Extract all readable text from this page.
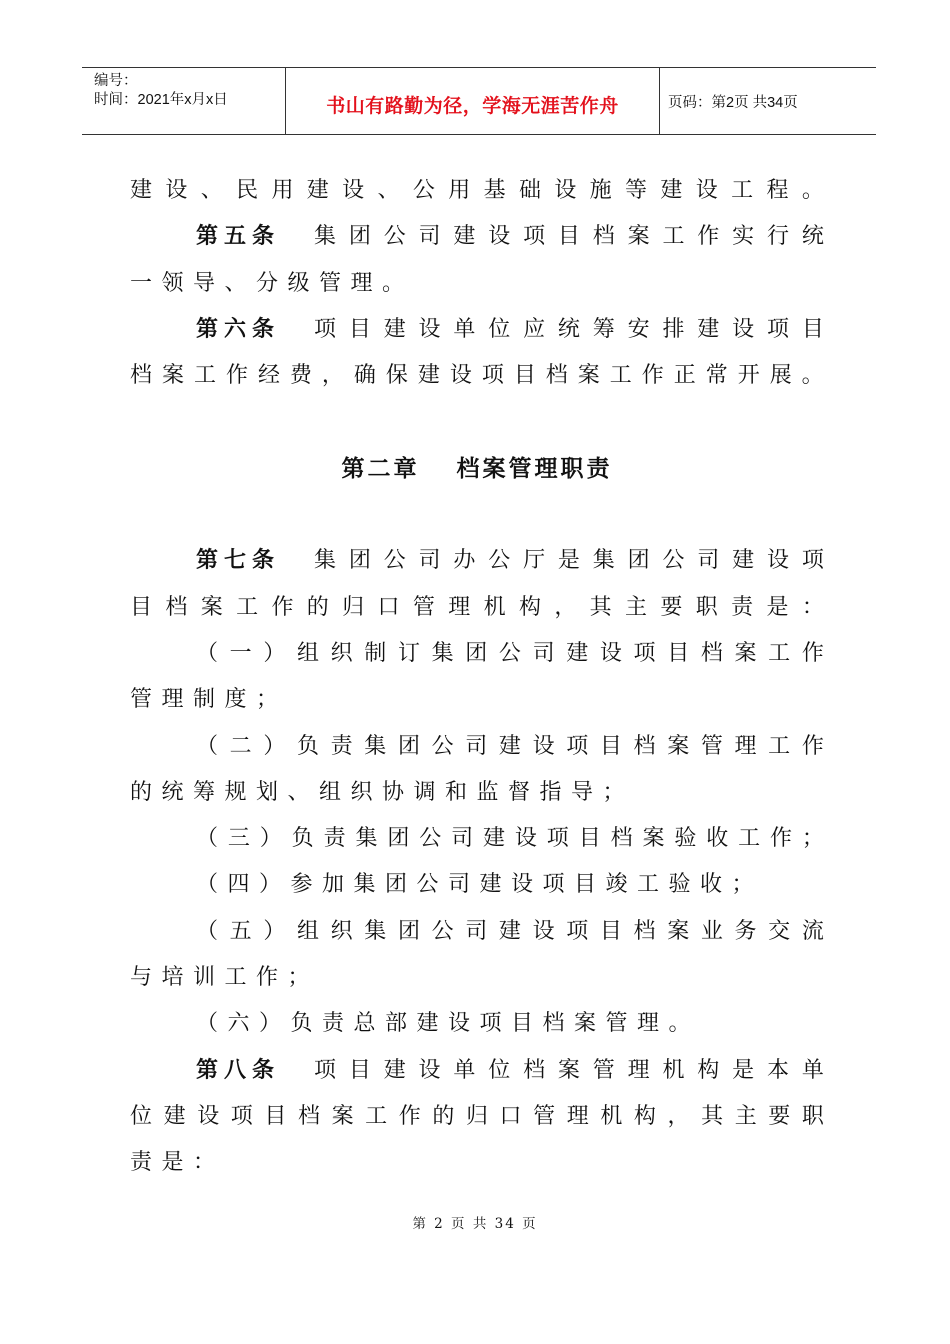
编号：
时间：2021年x月x日	书山有路勤为径，学海无涯苦作舟	页码：第2页 共34页
建 设 、 民 用 建 设 、 公 用 基 础 设 施 等 建 设 工 程 。
第五条 集 团 公 司 建 设 项 目 档 案 工 作 实 行 统
一领导、分级管理。
第六条 项 目 建 设 单 位 应 统 筹 安 排 建 设 项 目
档 案 工 作 经 费 ， 确 保 建 设 项 目 档 案 工 作 正 常 开 展 。
第二章　 档案管理职责
第七条 集 团 公 司 办 公 厅 是 集 团 公 司 建 设 项
目 档 案 工 作 的 归 口 管 理 机 构 ， 其 主 要 职 责 是 ：
（ 一 ） 组 织 制 订 集 团 公 司 建 设 项 目 档 案 工 作
管理制度；
（ 二 ） 负 责 集 团 公 司 建 设 项 目 档 案 管 理 工 作
的统筹规划、组织协调和监督指导；
（ 三 ） 负 责 集 团 公 司 建 设 项 目 档 案 验 收 工 作 ；
（四）参加集团公司建设项目竣工验收；
（ 五 ） 组 织 集 团 公 司 建 设 项 目 档 案 业 务 交 流
与培训工作；
（六）负责总部建设项目档案管理。
第八条 项 目 建 设 单 位 档 案 管 理 机 构 是 本 单
位 建 设 项 目 档 案 工 作 的 归 口 管 理 机 构 ， 其 主 要 职
责是：
第 2 页 共 34 页
